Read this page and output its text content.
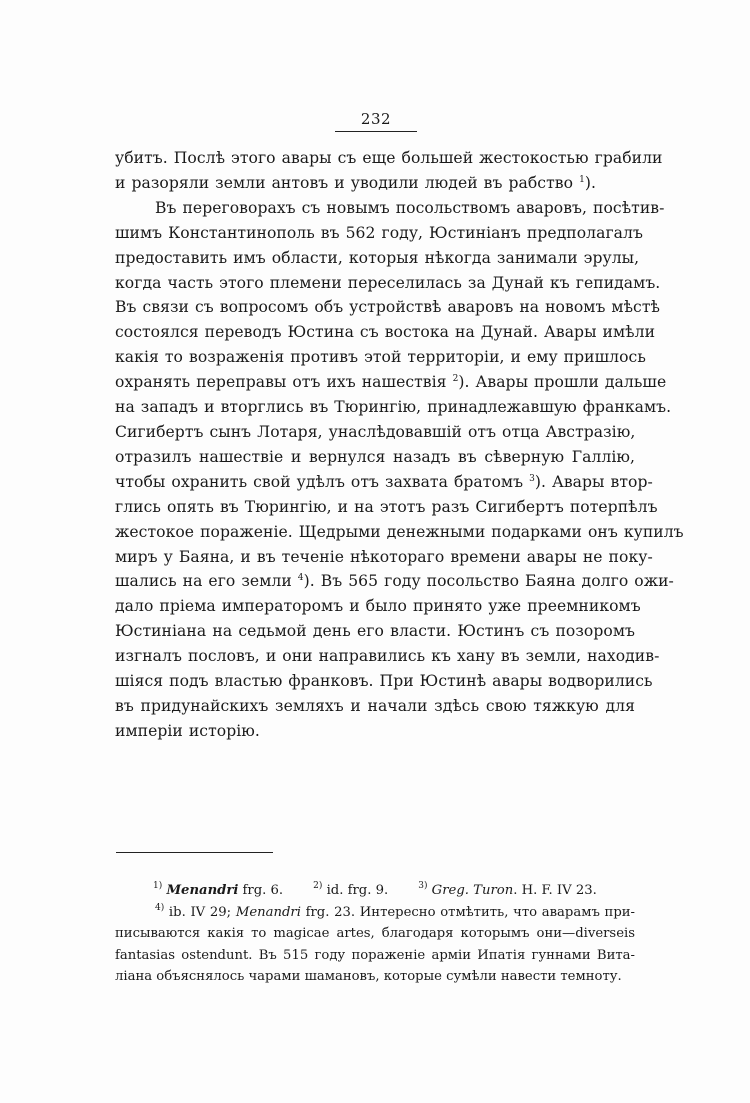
232
убитъ. Послѣ этого авары съ еще большей жестокостью грабили
и разоряли земли антовъ и уводили людей въ рабство $^1$).
Въ переговорахъ съ новымъ посольствомъ аваровъ, посѣтив-
шимъ Константинополь въ 562 году, Юстиніанъ предполагалъ
предоставить имъ области, которыя нѣкогда занимали эрулы,
когда часть этого племени переселилась за Дунай къ гепидамъ.
Въ связи съ вопросомъ объ устройствѣ аваровъ на новомъ мѣстѣ
состоялся переводъ Юстина съ востока на Дунай. Авары имѣли
какія то возраженія противъ этой территоріи, и ему пришлось
охранять переправы отъ ихъ нашествія $^2$). Авары прошли дальше
на западъ и вторглись въ Тюрингію, принадлежавшую франкамъ.
Сигибертъ сынъ Лотаря, унаслѣдовавшій отъ отца Австразію,
отразилъ нашествіе и вернулся назадъ въ сѣверную Галлію,
чтобы охранить свой удѣлъ отъ захвата братомъ $^3$). Авары втор-
глись опять въ Тюрингію, и на этотъ разъ Сигибертъ потерпѣлъ
жестокое пораженіе. Щедрыми денежными подарками онъ купилъ
миръ у Баяна, и въ теченіе нѣкотораго времени авары не поку-
шались на его земли $^4$). Въ 565 году посольство Баяна долго ожи-
дало пріема императоромъ и было принято уже преемникомъ
Юстиніана на седьмой день его власти. Юстинъ съ позоромъ
изгналъ пословъ, и они направились къ хану въ земли, находив-
шіяся подъ властью франковъ. При Юстинѣ авары водворились
въ придунайскихъ земляхъ и начали здѣсь свою тяжкую для
имперіи исторію.
$^{1)}$ Menandri frg. 6.	$^{2)}$ id. frg. 9.	$^{3)}$ Greg. Turon. H. F. IV 23.
$^{4)}$ ib. IV 29; Menandri frg. 23. Интересно отмѣтить, что аварамъ при-
писываются какія то magicae artes, благодаря которымъ они—diverseis
fantasias ostendunt. Въ 515 году пораженіе арміи Ипатія гуннами Вита-
ліана объяснялось чарами шамановъ, которые сумѣли навести темноту.
